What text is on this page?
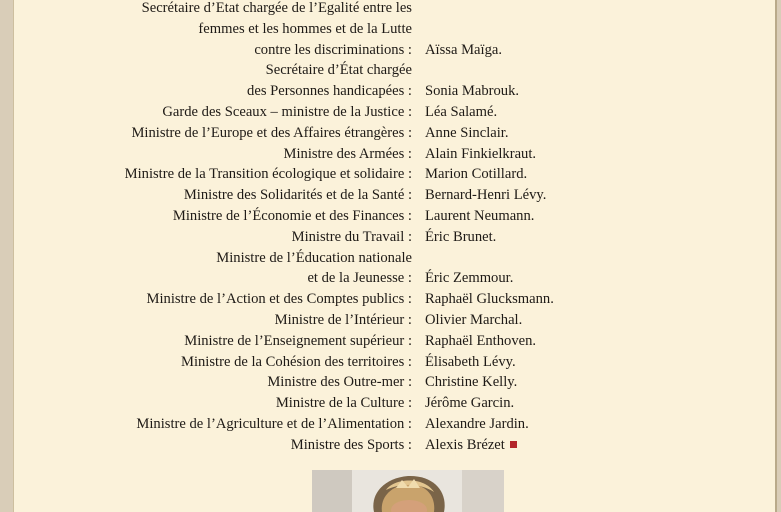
Secrétaire d’Etat chargée de l’Egalité entre les
femmes et les hommes et de la Lutte
contre les discriminations : Aïssa Maïga.
Secrétaire d’État chargée
des Personnes handicapées : Sonia Mabrouk.
Garde des Sceaux – ministre de la Justice : Léa Salamé.
Ministre de l’Europe et des Affaires étrangères : Anne Sinclair.
Ministre des Armées : Alain Finkielkraut.
Ministre de la Transition écologique et solidaire : Marion Cotillard.
Ministre des Solidarités et de la Santé : Bernard-Henri Lévy.
Ministre de l’Économie et des Finances : Laurent Neumann.
Ministre du Travail : Éric Brunet.
Ministre de l’Éducation nationale
et de la Jeunesse : Éric Zemmour.
Ministre de l’Action et des Comptes publics : Raphaël Glucksmann.
Ministre de l’Intérieur : Olivier Marchal.
Ministre de l’Enseignement supérieur : Raphaël Enthoven.
Ministre de la Cohésion des territoires : Élisabeth Lévy.
Ministre des Outre-mer : Christine Kelly.
Ministre de la Culture : Jérôme Garcin.
Ministre de l’Agriculture et de l’Alimentation : Alexandre Jardin.
Ministre des Sports : Alexis Brézet
